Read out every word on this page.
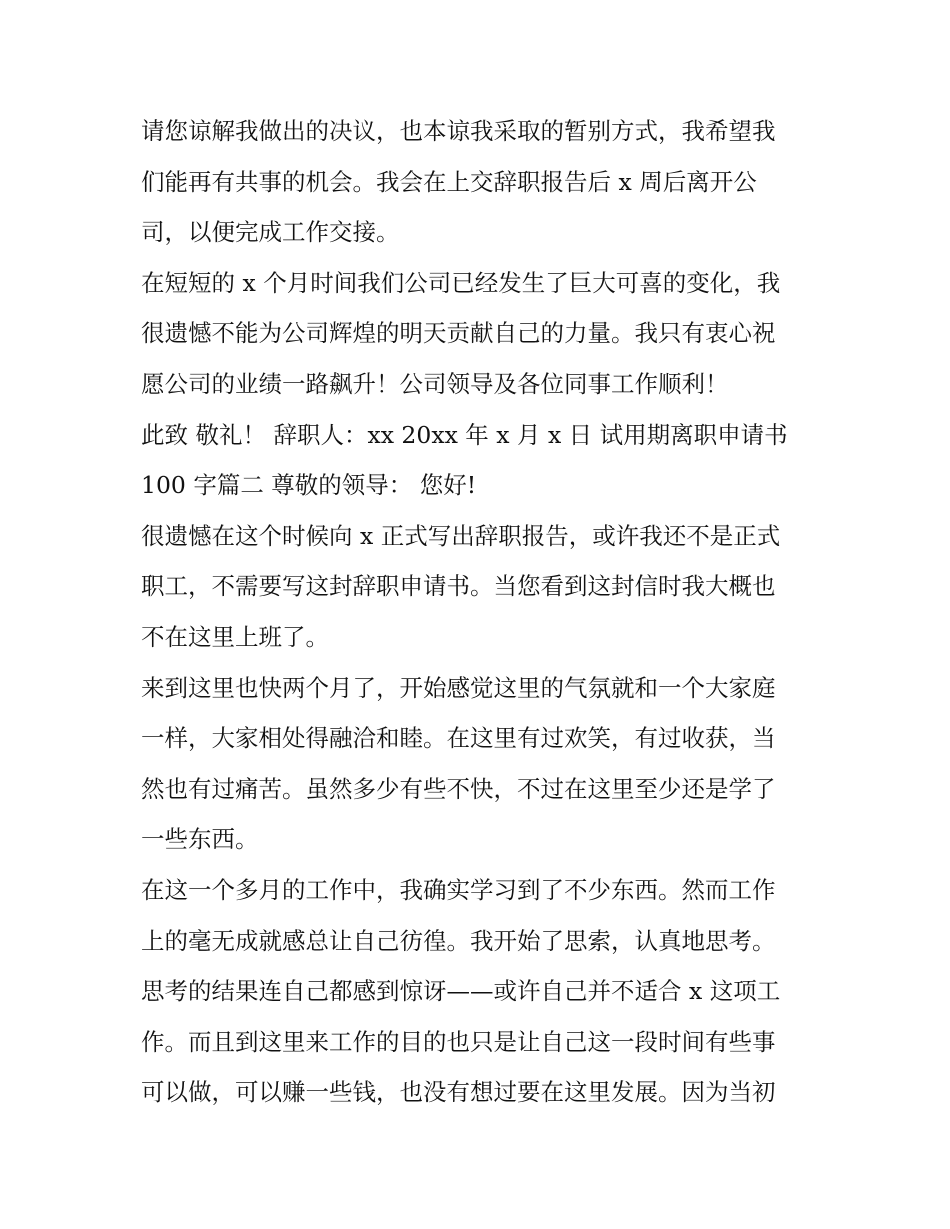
请您谅解我做出的决议，也本谅我采取的暂别方式，我希望我

们能再有共事的机会。我会在上交辞职报告后 x 周后离开公

司，以便完成工作交接。

在短短的 x 个月时间我们公司已经发生了巨大可喜的变化，我

很遗憾不能为公司辉煌的明天贡献自己的力量。我只有衷心祝

愿公司的业绩一路飙升！公司领导及各位同事工作顺利！

此致 敬礼！ 辞职人：xx 20xx 年 x 月 x 日 试用期离职申请书

100 字篇二 尊敬的领导： 您好!

很遗憾在这个时候向 x 正式写出辞职报告，或许我还不是正式

职工，不需要写这封辞职申请书。当您看到这封信时我大概也

不在这里上班了。

来到这里也快两个月了，开始感觉这里的气氛就和一个大家庭

一样，大家相处得融洽和睦。在这里有过欢笑，有过收获，当

然也有过痛苦。虽然多少有些不快，不过在这里至少还是学了

一些东西。

在这一个多月的工作中，我确实学习到了不少东西。然而工作

上的毫无成就感总让自己彷徨。我开始了思索，认真地思考。

思考的结果连自己都感到惊讶——或许自己并不适合 x 这项工

作。而且到这里来工作的目的也只是让自己这一段时间有些事

可以做，可以赚一些钱，也没有想过要在这里发展。因为当初
